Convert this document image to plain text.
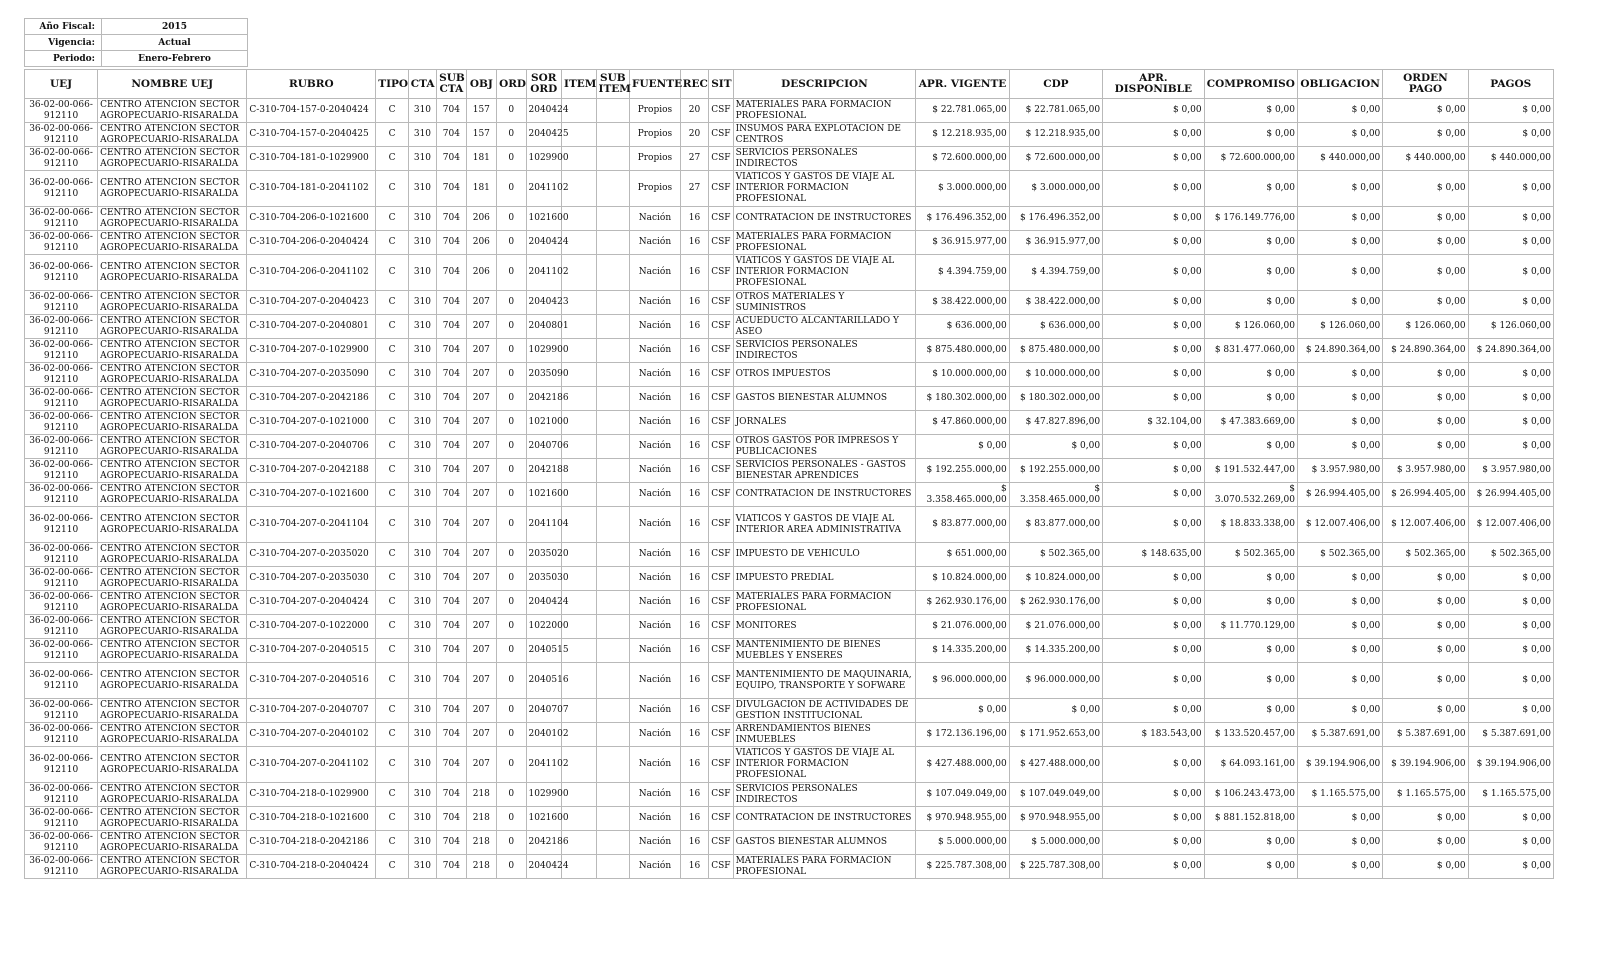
Año Fiscal:	2015
Vigencia:	Actual
Periodo:	Enero-Febrero
UEJ	NOMBRE UEJ	RUBRO	TIPO	CTA	SUB CTA	OBJ	ORD	SOR ORD	ITEM	SUB ITEM	FUENTE	REC	SIT	DESCRIPCION	APR. VIGENTE	CDP	APR. DISPONIBLE	COMPROMISO	OBLIGACION	ORDEN PAGO	PAGOS
36-02-00-066-912110	CENTRO ATENCION SECTOR AGROPECUARIO-RISARALDA	C-310-704-157-0-2040424	C	310	704	157	0	2040424			Propios	20	CSF	MATERIALES PARA FORMACION PROFESIONAL	$ 22.781.065,00	$ 22.781.065,00	$ 0,00	$ 0,00	$ 0,00	$ 0,00	$ 0,00
36-02-00-066-912110	CENTRO ATENCION SECTOR AGROPECUARIO-RISARALDA	C-310-704-157-0-2040425	C	310	704	157	0	2040425			Propios	20	CSF	INSUMOS PARA EXPLOTACION DE CENTROS	$ 12.218.935,00	$ 12.218.935,00	$ 0,00	$ 0,00	$ 0,00	$ 0,00	$ 0,00
36-02-00-066-912110	CENTRO ATENCION SECTOR AGROPECUARIO-RISARALDA	C-310-704-181-0-1029900	C	310	704	181	0	1029900			Propios	27	CSF	SERVICIOS PERSONALES INDIRECTOS	$ 72.600.000,00	$ 72.600.000,00	$ 0,00	$ 72.600.000,00	$ 440.000,00	$ 440.000,00	$ 440.000,00
36-02-00-066-912110	CENTRO ATENCION SECTOR AGROPECUARIO-RISARALDA	C-310-704-181-0-2041102	C	310	704	181	0	2041102			Propios	27	CSF	VIATICOS Y GASTOS DE VIAJE AL INTERIOR FORMACION PROFESIONAL	$ 3.000.000,00	$ 3.000.000,00	$ 0,00	$ 0,00	$ 0,00	$ 0,00	$ 0,00
36-02-00-066-912110	CENTRO ATENCION SECTOR AGROPECUARIO-RISARALDA	C-310-704-206-0-1021600	C	310	704	206	0	1021600			Nación	16	CSF	CONTRATACION DE INSTRUCTORES	$ 176.496.352,00	$ 176.496.352,00	$ 0,00	$ 176.149.776,00	$ 0,00	$ 0,00	$ 0,00
36-02-00-066-912110	CENTRO ATENCION SECTOR AGROPECUARIO-RISARALDA	C-310-704-206-0-2040424	C	310	704	206	0	2040424			Nación	16	CSF	MATERIALES PARA FORMACION PROFESIONAL	$ 36.915.977,00	$ 36.915.977,00	$ 0,00	$ 0,00	$ 0,00	$ 0,00	$ 0,00
36-02-00-066-912110	CENTRO ATENCION SECTOR AGROPECUARIO-RISARALDA	C-310-704-206-0-2041102	C	310	704	206	0	2041102			Nación	16	CSF	VIATICOS Y GASTOS DE VIAJE AL INTERIOR FORMACION PROFESIONAL	$ 4.394.759,00	$ 4.394.759,00	$ 0,00	$ 0,00	$ 0,00	$ 0,00	$ 0,00
36-02-00-066-912110	CENTRO ATENCION SECTOR AGROPECUARIO-RISARALDA	C-310-704-207-0-2040423	C	310	704	207	0	2040423			Nación	16	CSF	OTROS MATERIALES Y SUMINISTROS	$ 38.422.000,00	$ 38.422.000,00	$ 0,00	$ 0,00	$ 0,00	$ 0,00	$ 0,00
36-02-00-066-912110	CENTRO ATENCION SECTOR AGROPECUARIO-RISARALDA	C-310-704-207-0-2040801	C	310	704	207	0	2040801			Nación	16	CSF	ACUEDUCTO ALCANTARILLADO Y ASEO	$ 636.000,00	$ 636.000,00	$ 0,00	$ 126.060,00	$ 126.060,00	$ 126.060,00	$ 126.060,00
36-02-00-066-912110	CENTRO ATENCION SECTOR AGROPECUARIO-RISARALDA	C-310-704-207-0-1029900	C	310	704	207	0	1029900			Nación	16	CSF	SERVICIOS PERSONALES INDIRECTOS	$ 875.480.000,00	$ 875.480.000,00	$ 0,00	$ 831.477.060,00	$ 24.890.364,00	$ 24.890.364,00	$ 24.890.364,00
36-02-00-066-912110	CENTRO ATENCION SECTOR AGROPECUARIO-RISARALDA	C-310-704-207-0-2035090	C	310	704	207	0	2035090			Nación	16	CSF	OTROS IMPUESTOS	$ 10.000.000,00	$ 10.000.000,00	$ 0,00	$ 0,00	$ 0,00	$ 0,00	$ 0,00
36-02-00-066-912110	CENTRO ATENCION SECTOR AGROPECUARIO-RISARALDA	C-310-704-207-0-2042186	C	310	704	207	0	2042186			Nación	16	CSF	GASTOS BIENESTAR ALUMNOS	$ 180.302.000,00	$ 180.302.000,00	$ 0,00	$ 0,00	$ 0,00	$ 0,00	$ 0,00
36-02-00-066-912110	CENTRO ATENCION SECTOR AGROPECUARIO-RISARALDA	C-310-704-207-0-1021000	C	310	704	207	0	1021000			Nación	16	CSF	JORNALES	$ 47.860.000,00	$ 47.827.896,00	$ 32.104,00	$ 47.383.669,00	$ 0,00	$ 0,00	$ 0,00
36-02-00-066-912110	CENTRO ATENCION SECTOR AGROPECUARIO-RISARALDA	C-310-704-207-0-2040706	C	310	704	207	0	2040706			Nación	16	CSF	OTROS GASTOS POR IMPRESOS Y PUBLICACIONES	$ 0,00	$ 0,00	$ 0,00	$ 0,00	$ 0,00	$ 0,00	$ 0,00
36-02-00-066-912110	CENTRO ATENCION SECTOR AGROPECUARIO-RISARALDA	C-310-704-207-0-2042188	C	310	704	207	0	2042188			Nación	16	CSF	SERVICIOS PERSONALES - GASTOS BIENESTAR APRENDICES	$ 192.255.000,00	$ 192.255.000,00	$ 0,00	$ 191.532.447,00	$ 3.957.980,00	$ 3.957.980,00	$ 3.957.980,00
36-02-00-066-912110	CENTRO ATENCION SECTOR AGROPECUARIO-RISARALDA	C-310-704-207-0-1021600	C	310	704	207	0	1021600			Nación	16	CSF	CONTRATACION DE INSTRUCTORES	$ 3.358.465.000,00	$ 3.358.465.000,00	$ 0,00	$ 3.070.532.269,00	$ 26.994.405,00	$ 26.994.405,00	$ 26.994.405,00
36-02-00-066-912110	CENTRO ATENCION SECTOR AGROPECUARIO-RISARALDA	C-310-704-207-0-2041104	C	310	704	207	0	2041104			Nación	16	CSF	VIATICOS Y GASTOS DE VIAJE AL INTERIOR AREA ADMINISTRATIVA	$ 83.877.000,00	$ 83.877.000,00	$ 0,00	$ 18.833.338,00	$ 12.007.406,00	$ 12.007.406,00	$ 12.007.406,00
36-02-00-066-912110	CENTRO ATENCION SECTOR AGROPECUARIO-RISARALDA	C-310-704-207-0-2035020	C	310	704	207	0	2035020			Nación	16	CSF	IMPUESTO DE VEHICULO	$ 651.000,00	$ 502.365,00	$ 148.635,00	$ 502.365,00	$ 502.365,00	$ 502.365,00	$ 502.365,00
36-02-00-066-912110	CENTRO ATENCION SECTOR AGROPECUARIO-RISARALDA	C-310-704-207-0-2035030	C	310	704	207	0	2035030			Nación	16	CSF	IMPUESTO PREDIAL	$ 10.824.000,00	$ 10.824.000,00	$ 0,00	$ 0,00	$ 0,00	$ 0,00	$ 0,00
36-02-00-066-912110	CENTRO ATENCION SECTOR AGROPECUARIO-RISARALDA	C-310-704-207-0-2040424	C	310	704	207	0	2040424			Nación	16	CSF	MATERIALES PARA FORMACION PROFESIONAL	$ 262.930.176,00	$ 262.930.176,00	$ 0,00	$ 0,00	$ 0,00	$ 0,00	$ 0,00
36-02-00-066-912110	CENTRO ATENCION SECTOR AGROPECUARIO-RISARALDA	C-310-704-207-0-1022000	C	310	704	207	0	1022000			Nación	16	CSF	MONITORES	$ 21.076.000,00	$ 21.076.000,00	$ 0,00	$ 11.770.129,00	$ 0,00	$ 0,00	$ 0,00
36-02-00-066-912110	CENTRO ATENCION SECTOR AGROPECUARIO-RISARALDA	C-310-704-207-0-2040515	C	310	704	207	0	2040515			Nación	16	CSF	MANTENIMIENTO DE BIENES MUEBLES Y ENSERES	$ 14.335.200,00	$ 14.335.200,00	$ 0,00	$ 0,00	$ 0,00	$ 0,00	$ 0,00
36-02-00-066-912110	CENTRO ATENCION SECTOR AGROPECUARIO-RISARALDA	C-310-704-207-0-2040516	C	310	704	207	0	2040516			Nación	16	CSF	MANTENIMIENTO DE MAQUINARIA, EQUIPO, TRANSPORTE Y SOFWARE	$ 96.000.000,00	$ 96.000.000,00	$ 0,00	$ 0,00	$ 0,00	$ 0,00	$ 0,00
36-02-00-066-912110	CENTRO ATENCION SECTOR AGROPECUARIO-RISARALDA	C-310-704-207-0-2040707	C	310	704	207	0	2040707			Nación	16	CSF	DIVULGACION DE ACTIVIDADES DE GESTION INSTITUCIONAL	$ 0,00	$ 0,00	$ 0,00	$ 0,00	$ 0,00	$ 0,00	$ 0,00
36-02-00-066-912110	CENTRO ATENCION SECTOR AGROPECUARIO-RISARALDA	C-310-704-207-0-2040102	C	310	704	207	0	2040102			Nación	16	CSF	ARRENDAMIENTOS BIENES INMUEBLES	$ 172.136.196,00	$ 171.952.653,00	$ 183.543,00	$ 133.520.457,00	$ 5.387.691,00	$ 5.387.691,00	$ 5.387.691,00
36-02-00-066-912110	CENTRO ATENCION SECTOR AGROPECUARIO-RISARALDA	C-310-704-207-0-2041102	C	310	704	207	0	2041102			Nación	16	CSF	VIATICOS Y GASTOS DE VIAJE AL INTERIOR FORMACION PROFESIONAL	$ 427.488.000,00	$ 427.488.000,00	$ 0,00	$ 64.093.161,00	$ 39.194.906,00	$ 39.194.906,00	$ 39.194.906,00
36-02-00-066-912110	CENTRO ATENCION SECTOR AGROPECUARIO-RISARALDA	C-310-704-218-0-1029900	C	310	704	218	0	1029900			Nación	16	CSF	SERVICIOS PERSONALES INDIRECTOS	$ 107.049.049,00	$ 107.049.049,00	$ 0,00	$ 106.243.473,00	$ 1.165.575,00	$ 1.165.575,00	$ 1.165.575,00
36-02-00-066-912110	CENTRO ATENCION SECTOR AGROPECUARIO-RISARALDA	C-310-704-218-0-1021600	C	310	704	218	0	1021600			Nación	16	CSF	CONTRATACION DE INSTRUCTORES	$ 970.948.955,00	$ 970.948.955,00	$ 0,00	$ 881.152.818,00	$ 0,00	$ 0,00	$ 0,00
36-02-00-066-912110	CENTRO ATENCION SECTOR AGROPECUARIO-RISARALDA	C-310-704-218-0-2042186	C	310	704	218	0	2042186			Nación	16	CSF	GASTOS BIENESTAR ALUMNOS	$ 5.000.000,00	$ 5.000.000,00	$ 0,00	$ 0,00	$ 0,00	$ 0,00	$ 0,00
36-02-00-066-912110	CENTRO ATENCION SECTOR AGROPECUARIO-RISARALDA	C-310-704-218-0-2040424	C	310	704	218	0	2040424			Nación	16	CSF	MATERIALES PARA FORMACION PROFESIONAL	$ 225.787.308,00	$ 225.787.308,00	$ 0,00	$ 0,00	$ 0,00	$ 0,00	$ 0,00
